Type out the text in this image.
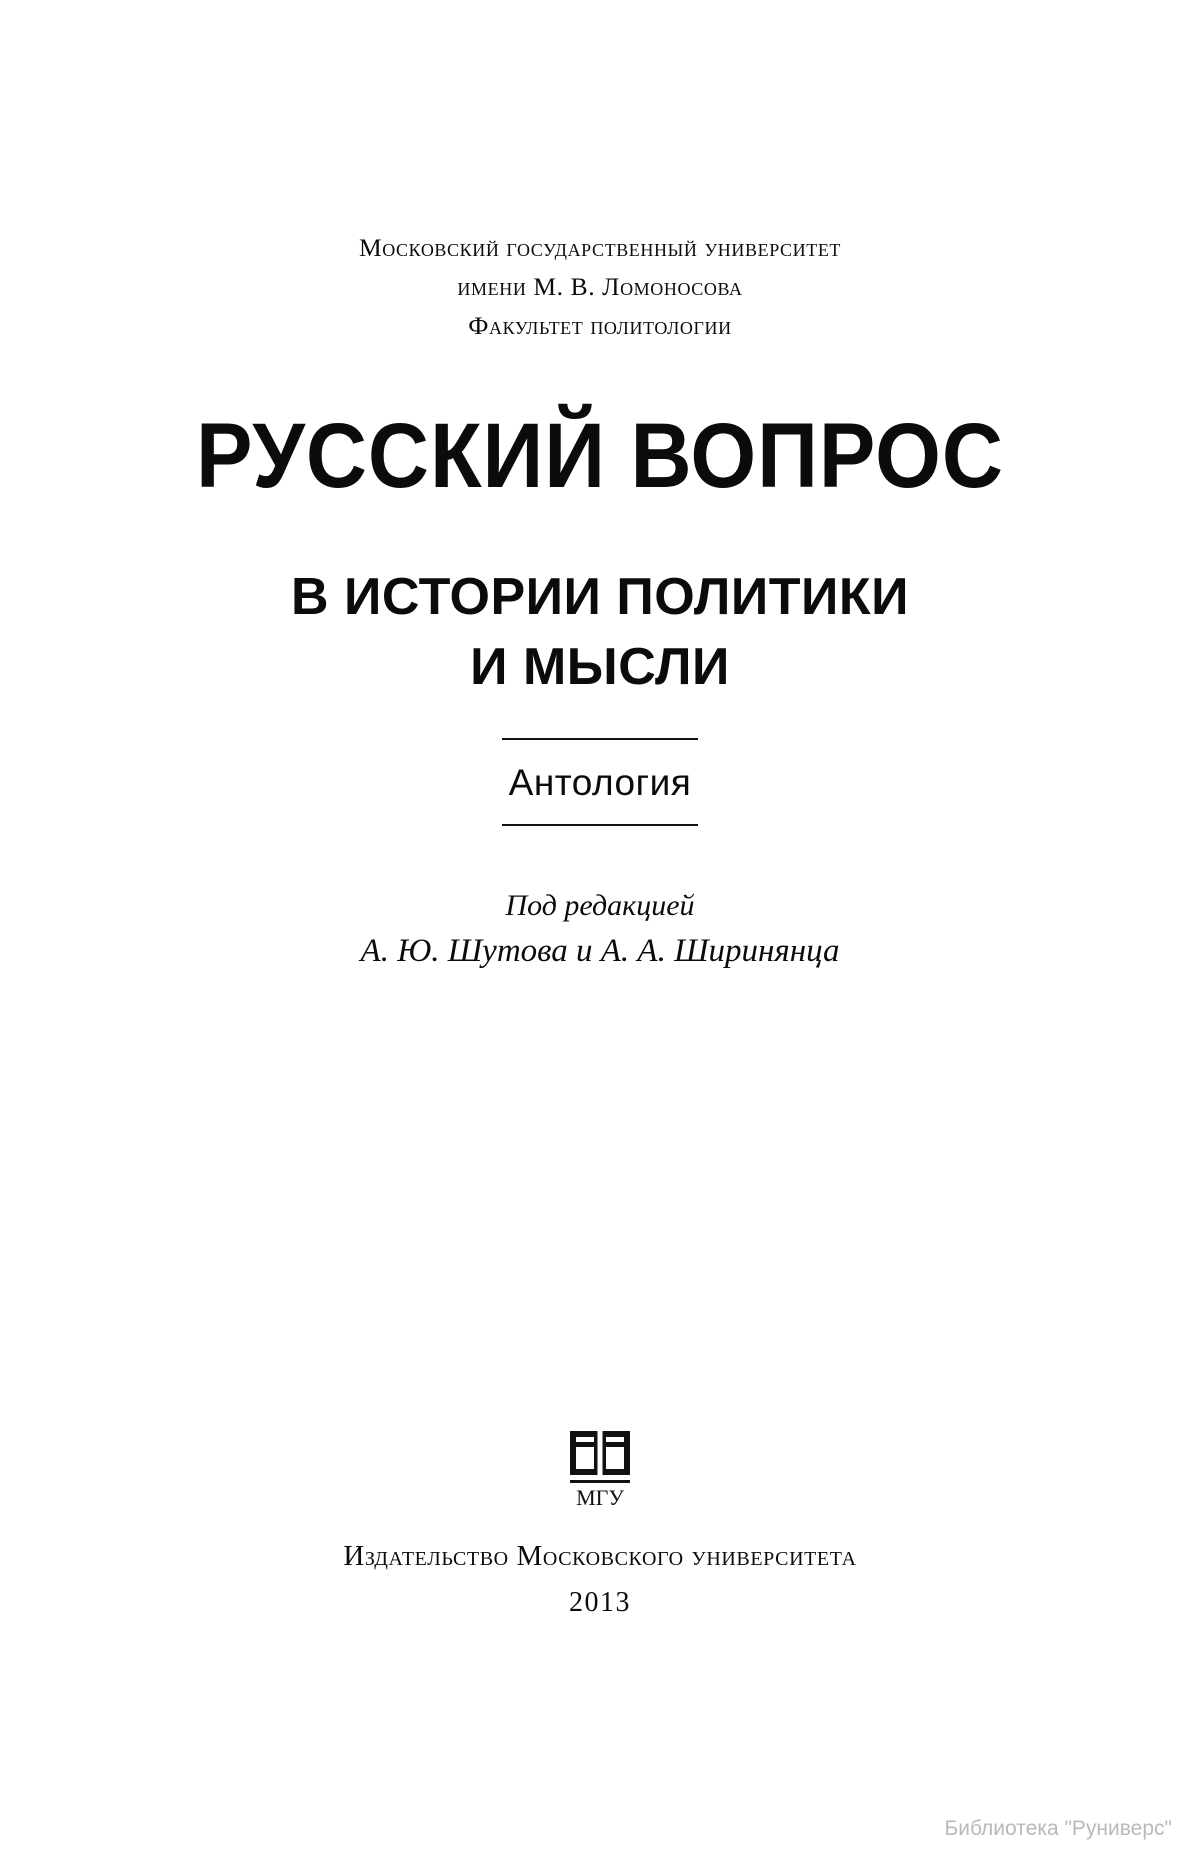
Московский государственный университет
имени М. В. Ломоносова
Факультет политологии
РУССКИЙ ВОПРОС
В ИСТОРИИ ПОЛИТИКИ
И МЫСЛИ
Антология
Под редакцией
А. Ю. Шутова и А. А. Ширинянца
МГУ
Издательство Московского университета
2013
Библиотека "Руниверс"
